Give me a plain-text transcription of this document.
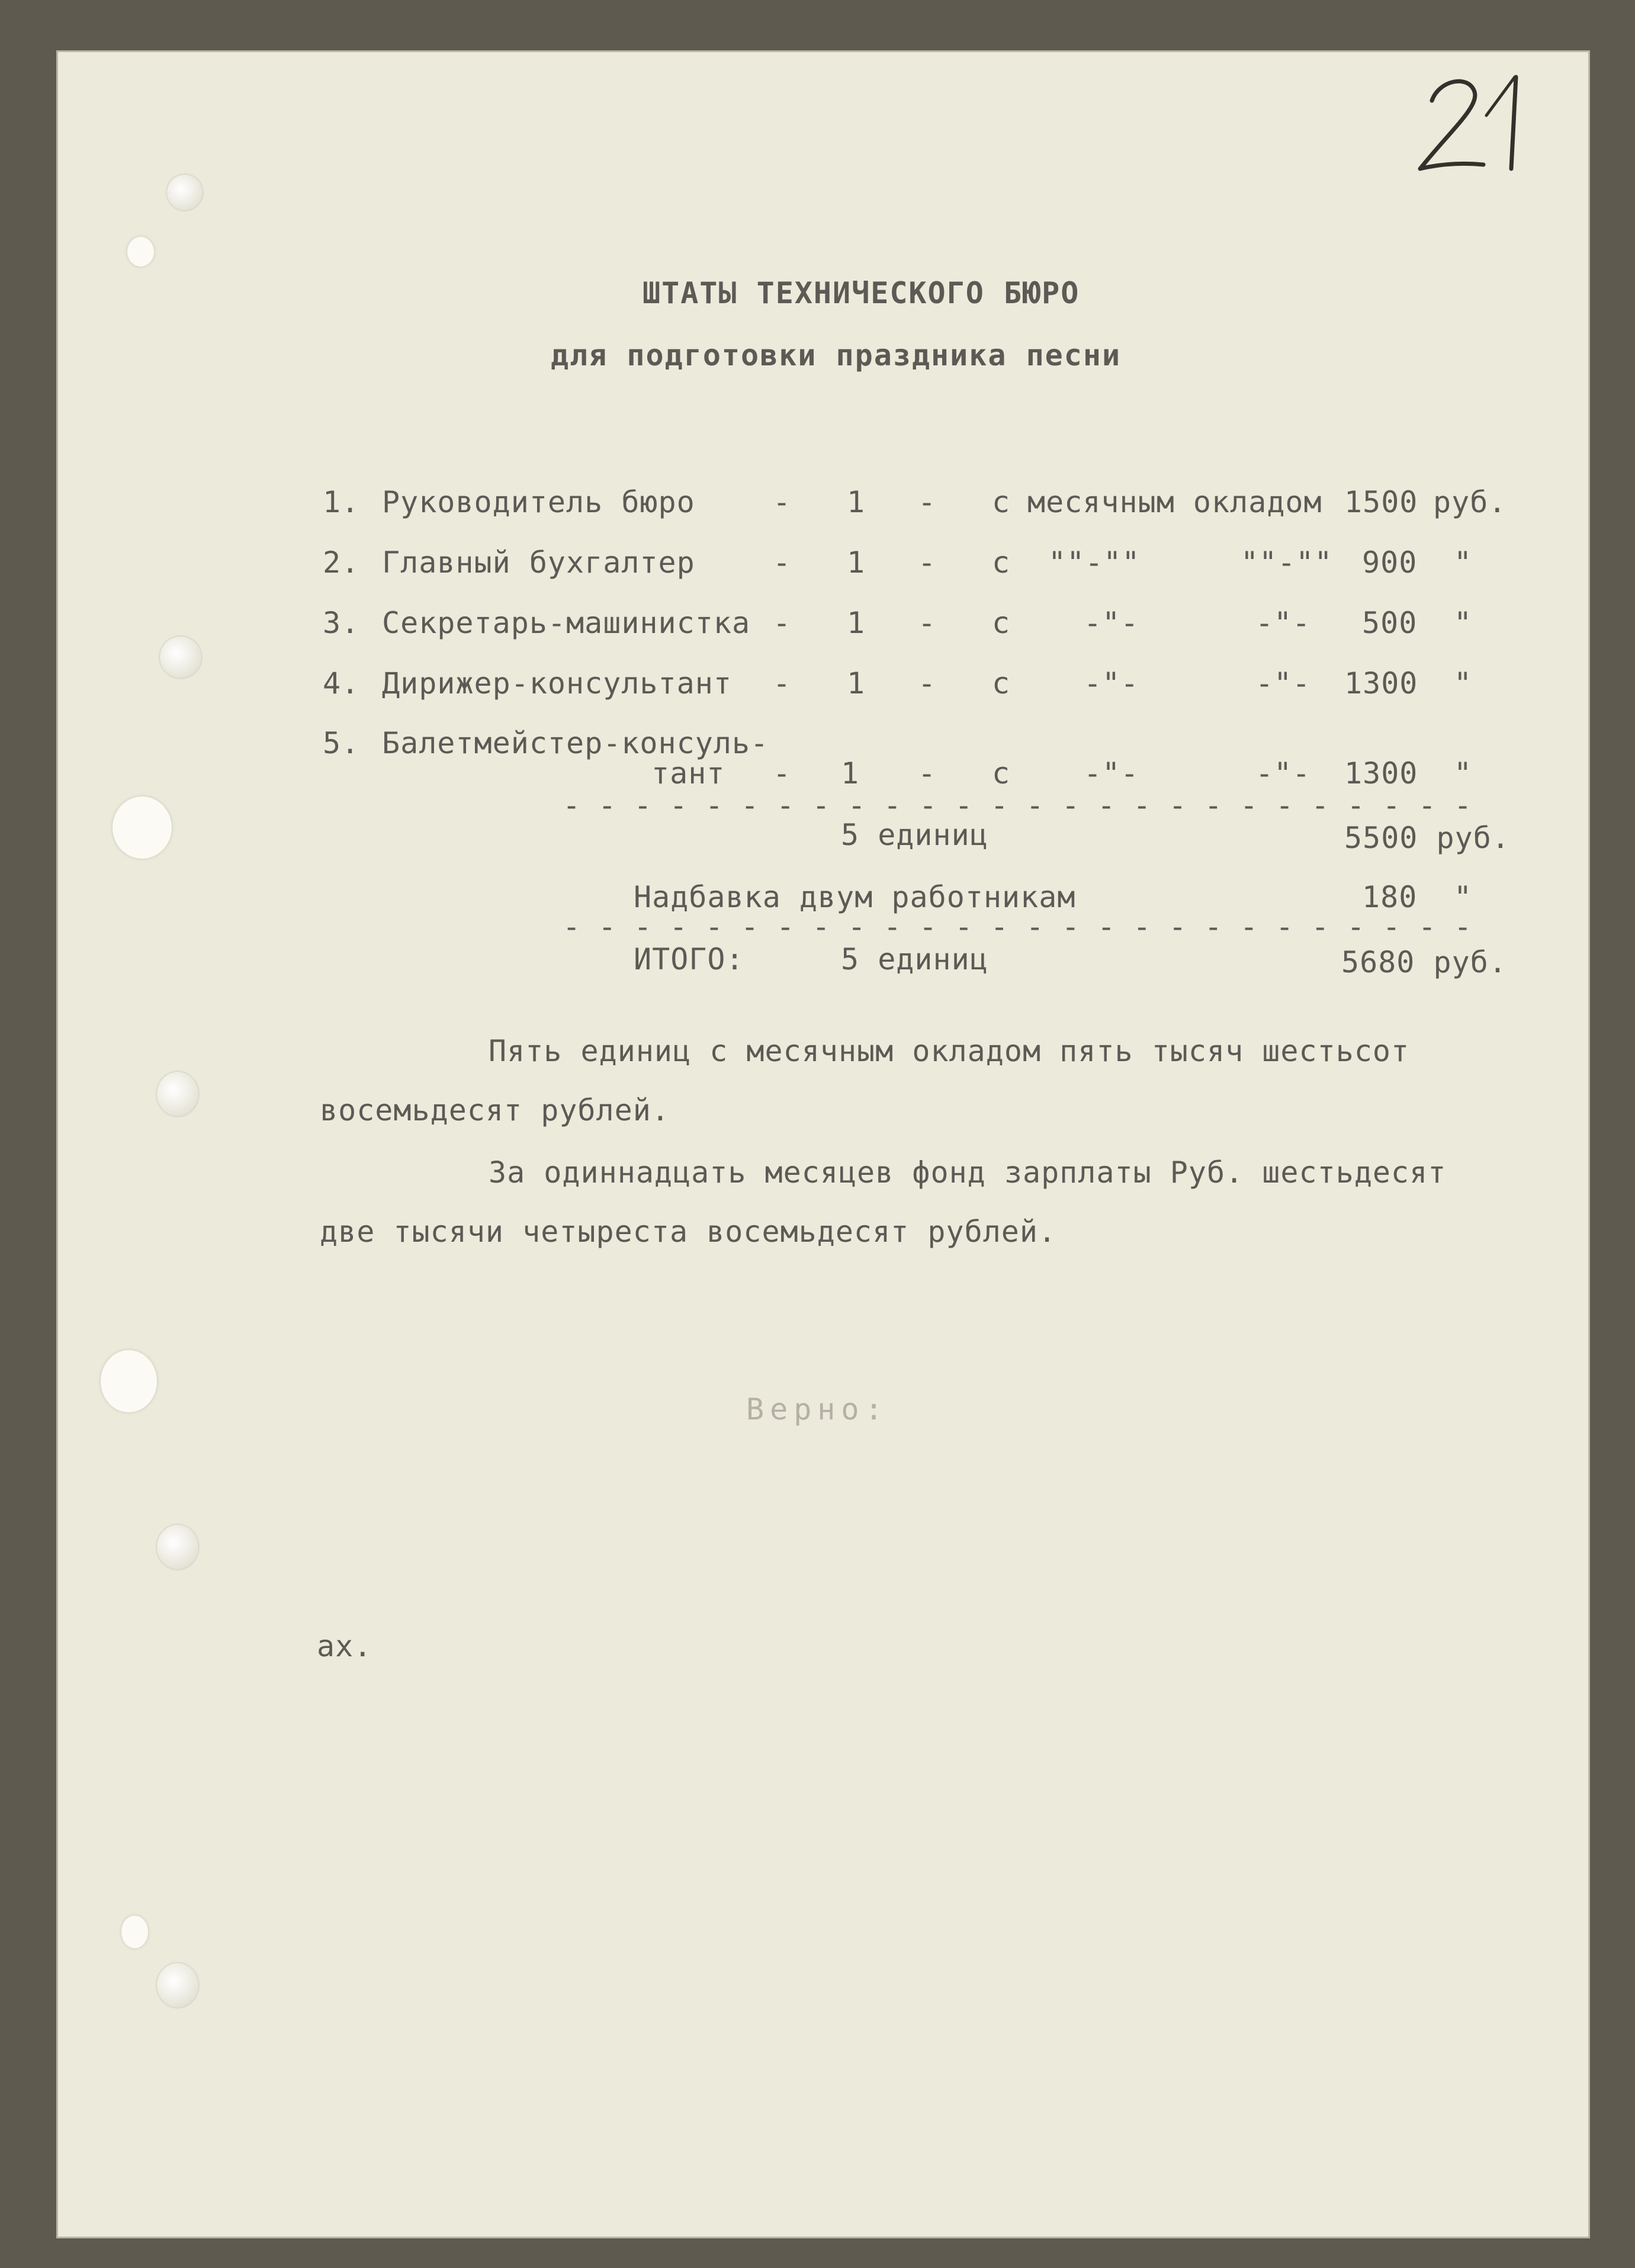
ШТАТЫ ТЕХНИЧЕСКОГО БЮРО
для подготовки праздника песни
1. Руководитель бюро	- 1 - с месячным окладом 1500 руб.
2. Главный бухгалтер	- 1 - с ""-""	""-"" 900 "
3. Секретарь-машинистка - 1 - с -"-	-"- 500 "
4. Дирижер-консультант - 1 - с -"-	-"- 1300 "
5. Балетмейстер-консуль-
тант - 1 - с -"-	-"- 1300 "
- - - - - - - - - - - - - - - - - - - - - - - - - -
5 единиц	5500 руб.
Надбавка двум работникам	180 "
- - - - - - - - - - - - - - - - - - - - - - - - - -
ИТОГО:	5 единиц	5680 руб.
Пять единиц с месячным окладом пять тысяч шестьсот
восемьдесят рублей.
За одиннадцать месяцев фонд зарплаты Руб. шестьдесят
две тысячи четыреста восемьдесят рублей.
Верно:
ах.
